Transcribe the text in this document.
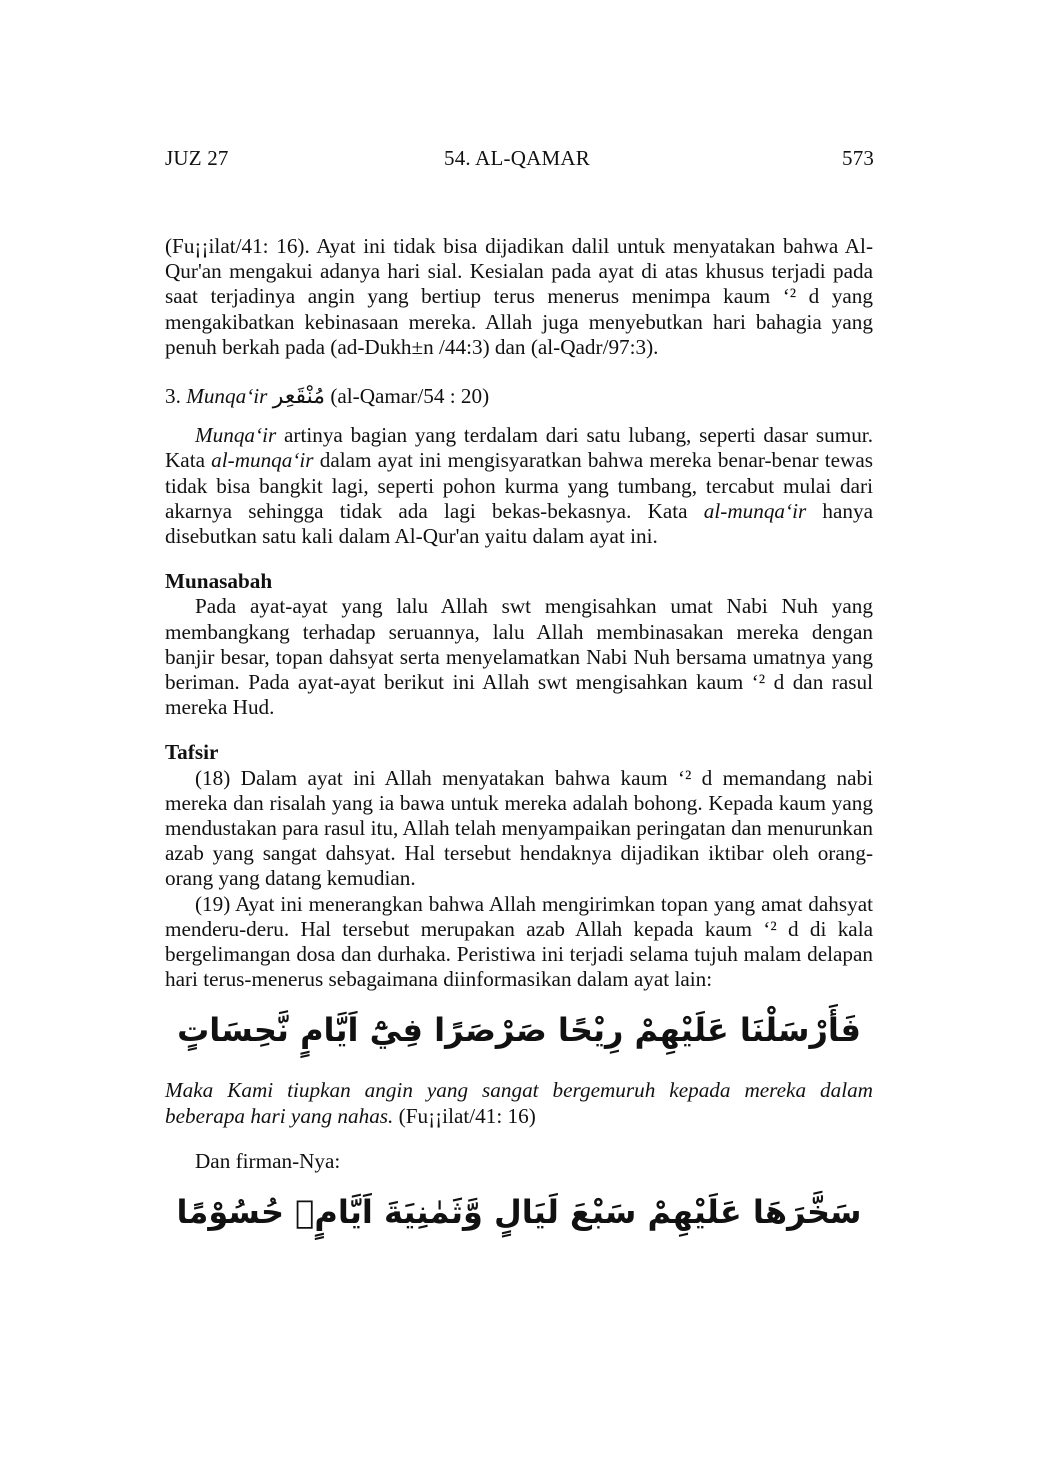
JUZ 27	54. AL-QAMAR	573

(Fu¡¡ilat/41: 16). Ayat ini tidak bisa dijadikan dalil untuk menyatakan bahwa Al-Qur'an mengakui adanya hari sial. Kesialan pada ayat di atas khusus terjadi pada saat terjadinya angin yang bertiup terus menerus menimpa kaum ‘² d yang mengakibatkan kebinasaan mereka. Allah juga menyebutkan hari bahagia yang penuh berkah pada (ad-Dukh±n /44:3) dan (al-Qadr/97:3).

3. Munqa‘ir مُنْقَعِر (al-Qamar/54 : 20)

Munqa‘ir artinya bagian yang terdalam dari satu lubang, seperti dasar sumur. Kata al-munqa‘ir dalam ayat ini mengisyaratkan bahwa mereka benar-benar tewas tidak bisa bangkit lagi, seperti pohon kurma yang tumbang, tercabut mulai dari akarnya sehingga tidak ada lagi bekas-bekasnya. Kata al-munqa‘ir hanya disebutkan satu kali dalam Al-Qur'an yaitu dalam ayat ini.

Munasabah

Pada ayat-ayat yang lalu Allah swt mengisahkan umat Nabi Nuh yang membangkang terhadap seruannya, lalu Allah membinasakan mereka dengan banjir besar, topan dahsyat serta menyelamatkan Nabi Nuh bersama umatnya yang beriman. Pada ayat-ayat berikut ini Allah swt mengisahkan kaum ‘² d dan rasul mereka Hud.

Tafsir

(18) Dalam ayat ini Allah menyatakan bahwa kaum ‘² d memandang nabi mereka dan risalah yang ia bawa untuk mereka adalah bohong. Kepada kaum yang mendustakan para rasul itu, Allah telah menyampaikan peringatan dan menurunkan azab yang sangat dahsyat. Hal tersebut hendaknya dijadikan iktibar oleh orang-orang yang datang kemudian.

(19) Ayat ini menerangkan bahwa Allah mengirimkan topan yang amat dahsyat menderu-deru. Hal tersebut merupakan azab Allah kepada kaum ‘² d di kala bergelimangan dosa dan durhaka. Peristiwa ini terjadi selama tujuh malam delapan hari terus-menerus sebagaimana diinformasikan dalam ayat lain:

فَأَرْسَلْنَا عَلَيْهِمْ رِيْحًا صَرْصَرًا فِيْٓ اَيَّامٍ نَّحِسَاتٍ

Maka Kami tiupkan angin yang sangat bergemuruh kepada mereka dalam beberapa hari yang nahas. (Fu¡¡ilat/41: 16)

Dan firman-Nya:

سَخَّرَهَا عَلَيْهِمْ سَبْعَ لَيَالٍ وَّثَمٰنِيَةَ اَيَّامٍۙ حُسُوْمًا
